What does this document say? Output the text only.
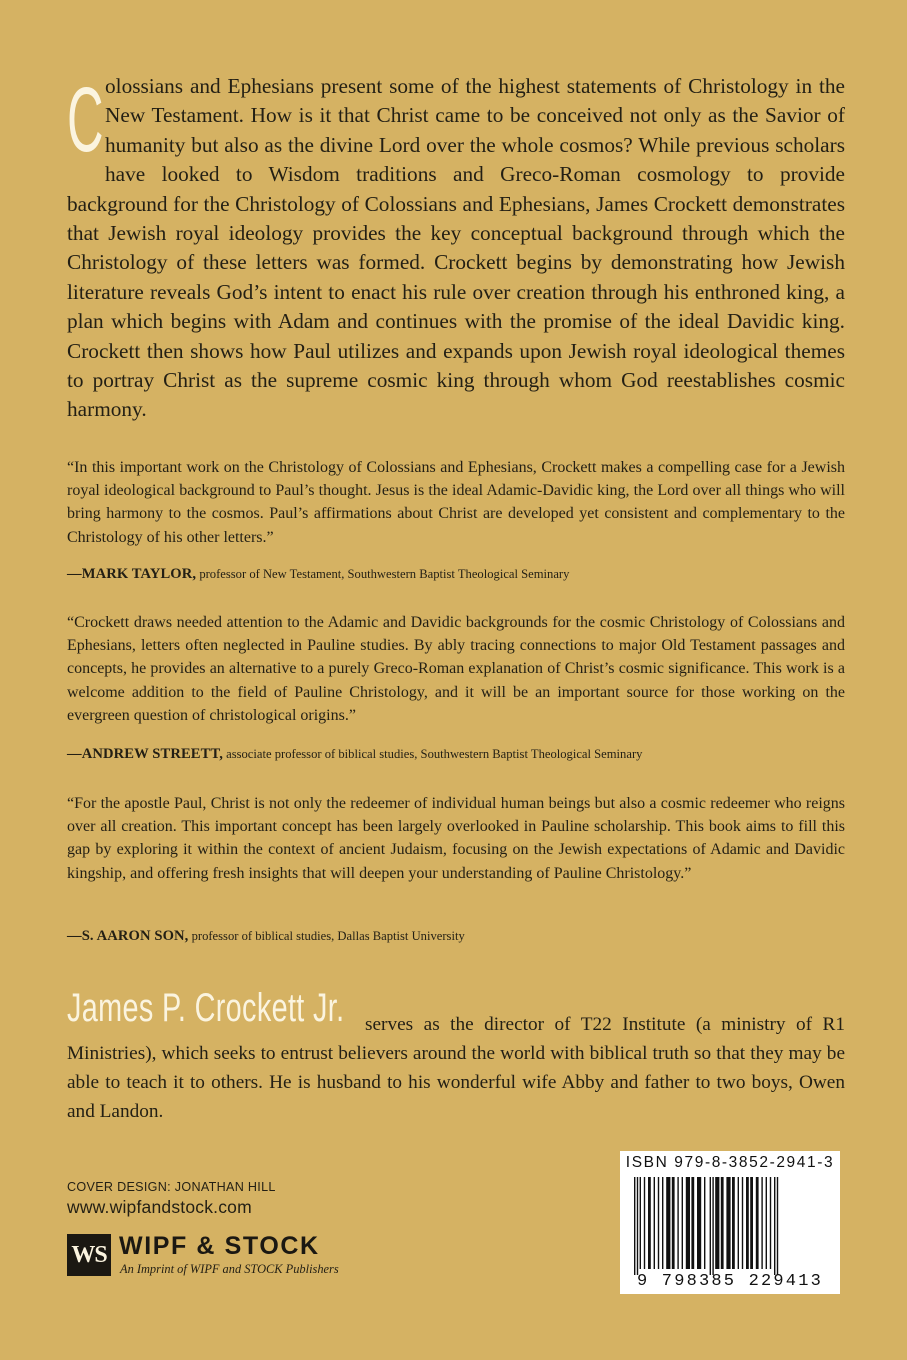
Colossians and Ephesians present some of the highest statements of Christology in the New Testament. How is it that Christ came to be conceived not only as the Savior of humanity but also as the divine Lord over the whole cosmos? While previous scholars have looked to Wisdom traditions and Greco-Roman cosmology to provide background for the Christology of Colossians and Ephesians, James Crockett demonstrates that Jewish royal ideology provides the key conceptual background through which the Christology of these letters was formed. Crockett begins by demonstrating how Jewish literature reveals God’s intent to enact his rule over creation through his enthroned king, a plan which begins with Adam and continues with the promise of the ideal Davidic king. Crockett then shows how Paul utilizes and expands upon Jewish royal ideological themes to portray Christ as the supreme cosmic king through whom God reestablishes cosmic harmony.

“In this important work on the Christology of Colossians and Ephesians, Crockett makes a compelling case for a Jewish royal ideological background to Paul’s thought. Jesus is the ideal Adamic-Davidic king, the Lord over all things who will bring harmony to the cosmos. Paul’s affirmations about Christ are developed yet consistent and complementary to the Christology of his other letters.”

—MARK TAYLOR, professor of New Testament, Southwestern Baptist Theological Seminary

“Crockett draws needed attention to the Adamic and Davidic backgrounds for the cosmic Christology of Colossians and Ephesians, letters often neglected in Pauline studies. By ably tracing connections to major Old Testament passages and concepts, he provides an alternative to a purely Greco-Roman explanation of Christ’s cosmic significance. This work is a welcome addition to the field of Pauline Christology, and it will be an important source for those working on the evergreen question of christological origins.”

—ANDREW STREETT, associate professor of biblical studies, Southwestern Baptist Theological Seminary

“For the apostle Paul, Christ is not only the redeemer of individual human beings but also a cosmic redeemer who reigns over all creation. This important concept has been largely overlooked in Pauline scholarship. This book aims to fill this gap by exploring it within the context of ancient Judaism, focusing on the Jewish expectations of Adamic and Davidic kingship, and offering fresh insights that will deepen your understanding of Pauline Christology.”

—S. AARON SON, professor of biblical studies, Dallas Baptist University
James P. Crockett Jr.	serves as the director of T22 Institute (a ministry of R1 Ministries), which seeks to entrust believers around the world with biblical truth so that they may be able to teach it to others. He is husband to his wonderful wife Abby and father to two boys, Owen and Landon.

COVER DESIGN: JONATHAN HILL
www.wipfandstock.com
WS WIPF & STOCK
An Imprint of WIPF and STOCK Publishers
ISBN 979-8-3852-2941-3
9 798385 229413
